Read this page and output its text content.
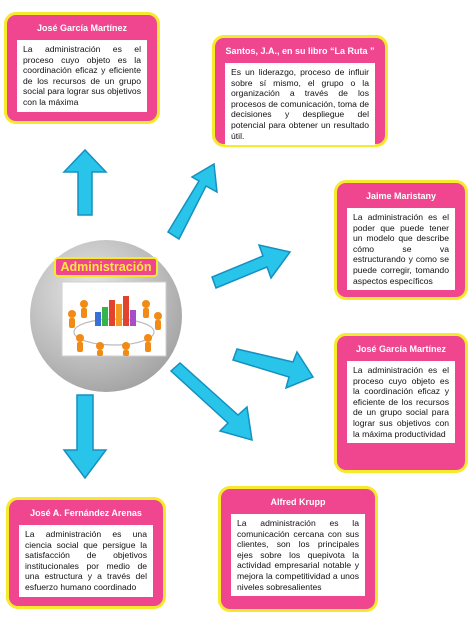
Administración
José García Martínez
La administración es el proceso cuyo objeto es la coordinación eficaz y eficiente de los recursos de un grupo social para lograr sus objetivos con la máxima
Santos, J.A., en su libro “La Ruta ”
Es un liderazgo, proceso de influir sobre sí mismo, el grupo o la organización a través de los procesos de comunicación, toma de decisiones y despliegue del potencial para obtener un resultado útil.
Jaime Maristany
La administración es el poder que puede tener un modelo que describe cómo se va estructurando y como se puede corregir, tomando aspectos específicos
José García Martínez
La administración es el proceso cuyo objeto es la coordinación eficaz y eficiente de los recursos de un grupo social para lograr sus objetivos con la máxima productividad
José A. Fernández Arenas
La administración es una ciencia social que persigue la satisfacción de objetivos institucionales por medio de una estructura y a través del esfuerzo humano coordinado
Alfred Krupp
La administración es la comunicación cercana con sus clientes, son los principales ejes sobre los quepivota la actividad empresarial notable y mejora la competitividad a unos niveles sobresalientes
